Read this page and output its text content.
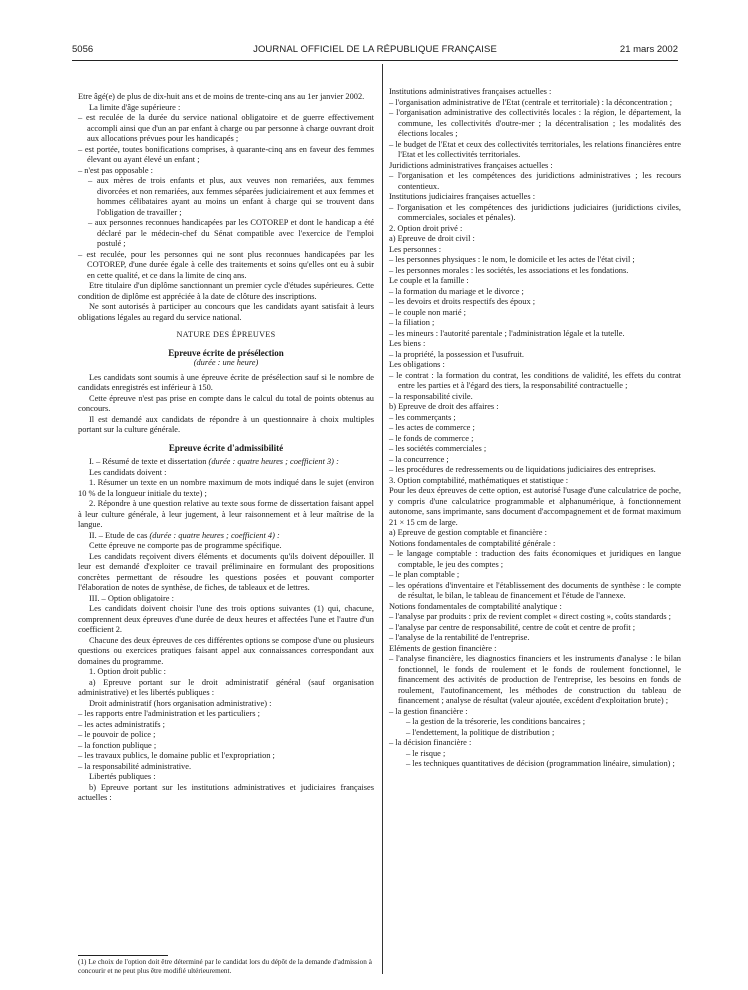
5056	JOURNAL OFFICIEL DE LA RÉPUBLIQUE FRANÇAISE	21 mars 2002

Etre âgé(e) de plus de dix-huit ans et de moins de trente-cinq ans au 1er janvier 2002.

La limite d'âge supérieure :

– est reculée de la durée du service national obligatoire et de guerre effectivement accompli ainsi que d'un an par enfant à charge ou par personne à charge ouvrant droit aux allocations prévues pour les handicapés ;

– est portée, toutes bonifications comprises, à quarante-cinq ans en faveur des femmes élevant ou ayant élevé un enfant ;

– n'est pas opposable :

– aux mères de trois enfants et plus, aux veuves non remariées, aux femmes divorcées et non remariées, aux femmes séparées judiciairement et aux femmes et hommes célibataires ayant au moins un enfant à charge qui se trouvent dans l'obligation de travailler ;

– aux personnes reconnues handicapées par les COTOREP et dont le handicap a été déclaré par le médecin-chef du Sénat compatible avec l'exercice de l'emploi postulé ;

– est reculée, pour les personnes qui ne sont plus reconnues handicapées par les COTOREP, d'une durée égale à celle des traitements et soins qu'elles ont eu à subir en cette qualité, et ce dans la limite de cinq ans.

Etre titulaire d'un diplôme sanctionnant un premier cycle d'études supérieures. Cette condition de diplôme est appréciée à la date de clôture des inscriptions.

Ne sont autorisés à participer au concours que les candidats ayant satisfait à leurs obligations légales au regard du service national.

NATURE DES ÉPREUVES

Epreuve écrite de présélection

(durée : une heure)

Les candidats sont soumis à une épreuve écrite de présélection sauf si le nombre de candidats enregistrés est inférieur à 150.

Cette épreuve n'est pas prise en compte dans le calcul du total de points obtenus au concours.

Il est demandé aux candidats de répondre à un questionnaire à choix multiples portant sur la culture générale.

Epreuve écrite d'admissibilité

I. – Résumé de texte et dissertation (durée : quatre heures ; coefficient 3) :

Les candidats doivent :

1. Résumer un texte en un nombre maximum de mots indiqué dans le sujet (environ 10 % de la longueur initiale du texte) ;

2. Répondre à une question relative au texte sous forme de dissertation faisant appel à leur culture générale, à leur jugement, à leur raisonnement et à leur maîtrise de la langue.

II. – Etude de cas (durée : quatre heures ; coefficient 4) :

Cette épreuve ne comporte pas de programme spécifique.

Les candidats reçoivent divers éléments et documents qu'ils doivent dépouiller. Il leur est demandé d'exploiter ce travail préliminaire en formulant des propositions concrètes permettant de résoudre les questions posées et pouvant comporter l'élaboration de notes de synthèse, de fiches, de tableaux et de lettres.

III. – Option obligatoire :

Les candidats doivent choisir l'une des trois options suivantes (1) qui, chacune, comprennent deux épreuves d'une durée de deux heures et affectées l'une et l'autre d'un coefficient 2.

Chacune des deux épreuves de ces différentes options se compose d'une ou plusieurs questions ou exercices pratiques faisant appel aux connaissances correspondant aux domaines du programme.

1. Option droit public :

a) Epreuve portant sur le droit administratif général (sauf organisation administrative) et les libertés publiques :

Droit administratif (hors organisation administrative) :

– les rapports entre l'administration et les particuliers ;

– les actes administratifs ;

– le pouvoir de police ;

– la fonction publique ;

– les travaux publics, le domaine public et l'expropriation ;

– la responsabilité administrative.

Libertés publiques :

b) Epreuve portant sur les institutions administratives et judiciaires françaises actuelles :

Institutions administratives françaises actuelles :

– l'organisation administrative de l'Etat (centrale et territoriale) : la déconcentration ;

– l'organisation administrative des collectivités locales : la région, le département, la commune, les collectivités d'outre-mer ; la décentralisation ; les modalités des élections locales ;

– le budget de l'Etat et ceux des collectivités territoriales, les relations financières entre l'Etat et les collectivités territoriales.

Juridictions administratives françaises actuelles :

– l'organisation et les compétences des juridictions administratives ; les recours contentieux.

Institutions judiciaires françaises actuelles :

– l'organisation et les compétences des juridictions judiciaires (juridictions civiles, commerciales, sociales et pénales).

2. Option droit privé :

a) Epreuve de droit civil :

Les personnes :

– les personnes physiques : le nom, le domicile et les actes de l'état civil ;

– les personnes morales : les sociétés, les associations et les fondations.

Le couple et la famille :

– la formation du mariage et le divorce ;

– les devoirs et droits respectifs des époux ;

– le couple non marié ;

– la filiation ;

– les mineurs : l'autorité parentale ; l'administration légale et la tutelle.

Les biens :

– la propriété, la possession et l'usufruit.

Les obligations :

– le contrat : la formation du contrat, les conditions de validité, les effets du contrat entre les parties et à l'égard des tiers, la responsabilité contractuelle ;

– la responsabilité civile.

b) Epreuve de droit des affaires :

– les commerçants ;

– les actes de commerce ;

– le fonds de commerce ;

– les sociétés commerciales ;

– la concurrence ;

– les procédures de redressements ou de liquidations judiciaires des entreprises.

3. Option comptabilité, mathématiques et statistique :

Pour les deux épreuves de cette option, est autorisé l'usage d'une calculatrice de poche, y compris d'une calculatrice programmable et alphanumérique, à fonctionnement autonome, sans imprimante, sans document d'accompagnement et de format maximum 21 × 15 cm de large.

a) Epreuve de gestion comptable et financière :

Notions fondamentales de comptabilité générale :

– le langage comptable : traduction des faits économiques et juridiques en langue comptable, le jeu des comptes ;

– le plan comptable ;

– les opérations d'inventaire et l'établissement des documents de synthèse : le compte de résultat, le bilan, le tableau de financement et l'étude de l'annexe.

Notions fondamentales de comptabilité analytique :

– l'analyse par produits : prix de revient complet « direct costing », coûts standards ;

– l'analyse par centre de responsabilité, centre de coût et centre de profit ;

– l'analyse de la rentabilité de l'entreprise.

Eléments de gestion financière :

– l'analyse financière, les diagnostics financiers et les instruments d'analyse : le bilan fonctionnel, le fonds de roulement et le fonds de roulement fonctionnel, le financement des activités de production de l'entreprise, les besoins en fonds de roulement, l'autofinancement, les méthodes de construction du tableau de financement ; analyse de résultat (valeur ajoutée, excédent d'exploitation brute) ;

– la gestion financière :

– la gestion de la trésorerie, les conditions bancaires ;

– l'endettement, la politique de distribution ;

– la décision financière :

– le risque ;

– les techniques quantitatives de décision (programmation linéaire, simulation) ;

(1) Le choix de l'option doit être déterminé par le candidat lors du dépôt de la demande d'admission à concourir et ne peut plus être modifié ultérieurement.
